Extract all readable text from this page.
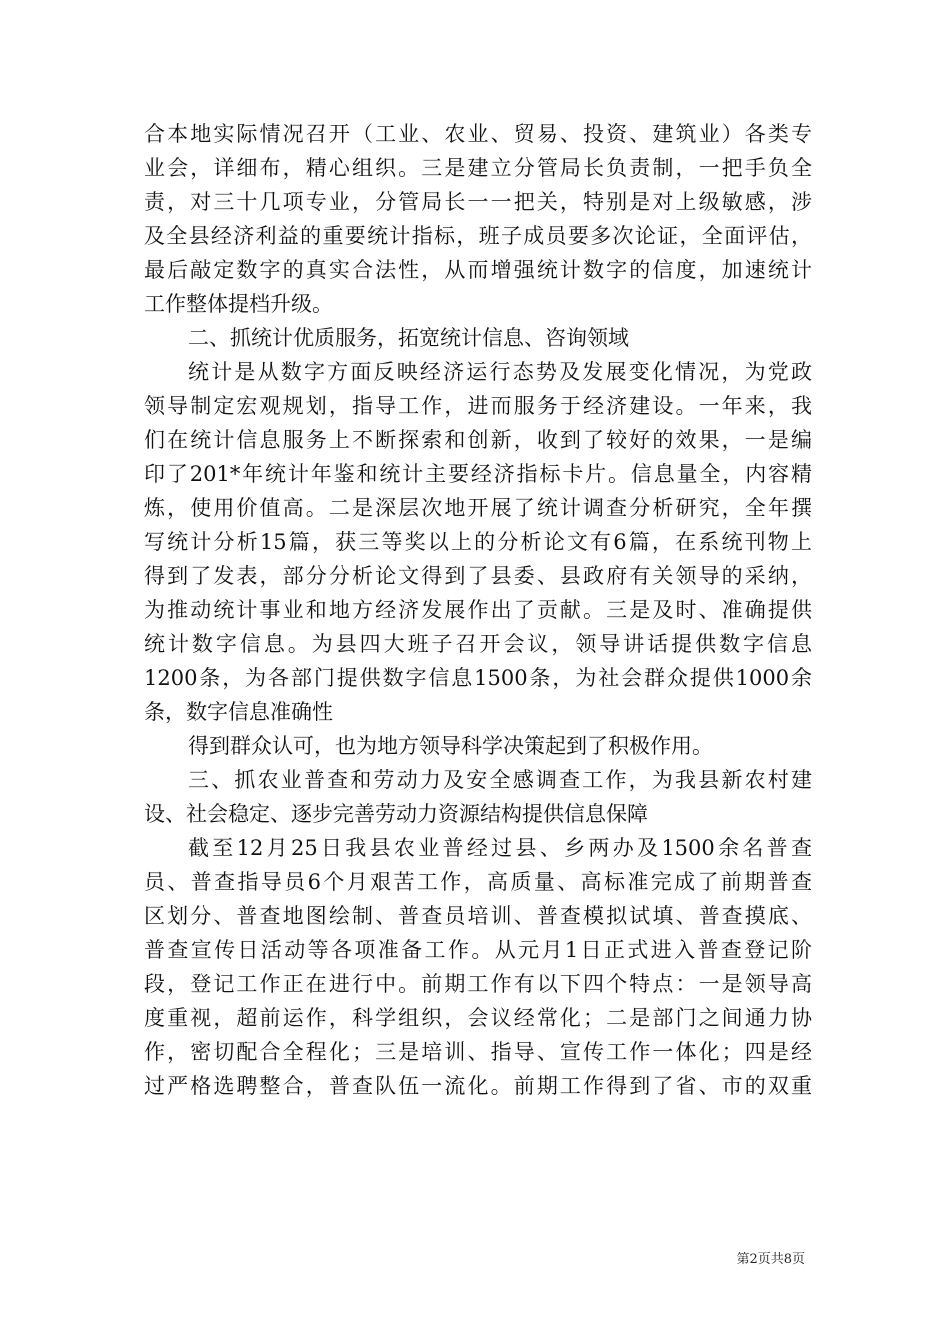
合本地实际情况召开（工业、农业、贸易、投资、建筑业）各类专
业会，详细布，精心组织。三是建立分管局长负责制，一把手负全
责，对三十几项专业，分管局长一一把关，特别是对上级敏感，涉
及全县经济利益的重要统计指标，班子成员要多次论证，全面评估，
最后敲定数字的真实合法性，从而增强统计数字的信度，加速统计
工作整体提档升级。
二、抓统计优质服务，拓宽统计信息、咨询领域
统计是从数字方面反映经济运行态势及发展变化情况，为党政
领导制定宏观规划，指导工作，进而服务于经济建设。一年来，我
们在统计信息服务上不断探索和创新，收到了较好的效果，一是编
印了201*年统计年鉴和统计主要经济指标卡片。信息量全，内容精
炼，使用价值高。二是深层次地开展了统计调查分析研究，全年撰
写统计分析15篇，获三等奖以上的分析论文有6篇，在系统刊物上
得到了发表，部分分析论文得到了县委、县政府有关领导的采纳，
为推动统计事业和地方经济发展作出了贡献。三是及时、准确提供
统计数字信息。为县四大班子召开会议，领导讲话提供数字信息
1200条，为各部门提供数字信息1500条，为社会群众提供1000余
条，数字信息准确性
得到群众认可，也为地方领导科学决策起到了积极作用。
三、抓农业普查和劳动力及安全感调查工作，为我县新农村建
设、社会稳定、逐步完善劳动力资源结构提供信息保障
截至12月25日我县农业普经过县、乡两办及1500余名普查
员、普查指导员6个月艰苦工作，高质量、高标准完成了前期普查
区划分、普查地图绘制、普查员培训、普查模拟试填、普查摸底、
普查宣传日活动等各项准备工作。从元月1日正式进入普查登记阶
段，登记工作正在进行中。前期工作有以下四个特点：一是领导高
度重视，超前运作，科学组织，会议经常化；二是部门之间通力协
作，密切配合全程化；三是培训、指导、宣传工作一体化；四是经
过严格选聘整合，普查队伍一流化。前期工作得到了省、市的双重
第2页共8页
